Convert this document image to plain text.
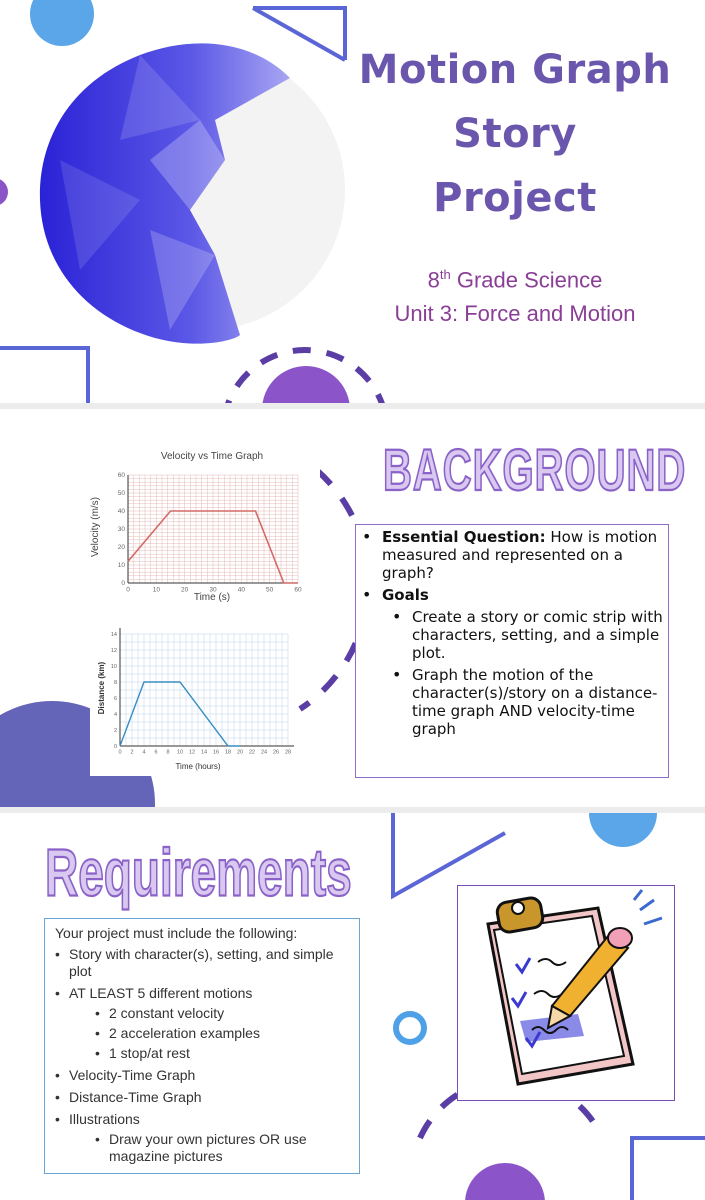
Motion Graph
Story
Project
8th Grade Science
Unit 3: Force and Motion
Velocity vs Time Graph
0	10	20	30	40	50	60
0
10
20
30
40
50
60
Time (s)
Velocity (m/s)
0 2 4 6 8 10 12 14 16 18 20 22 24 26 28
0
2
4
6
8
10
12
14
Time (hours)
Distance (km)
BACKGROUND
• Essential Question: How is motion measured and represented on a graph?
• Goals
• Create a story or comic strip with characters, setting, and a simple plot.
• Graph the motion of the character(s)/story on a distance-time graph AND velocity-time graph
Requirements
Your project must include the following:
• Story with character(s), setting, and simple plot
• AT LEAST 5 different motions
• 2 constant velocity
• 2 acceleration examples
• 1 stop/at rest
• Velocity-Time Graph
• Distance-Time Graph
• Illustrations
• Draw your own pictures OR use magazine pictures
